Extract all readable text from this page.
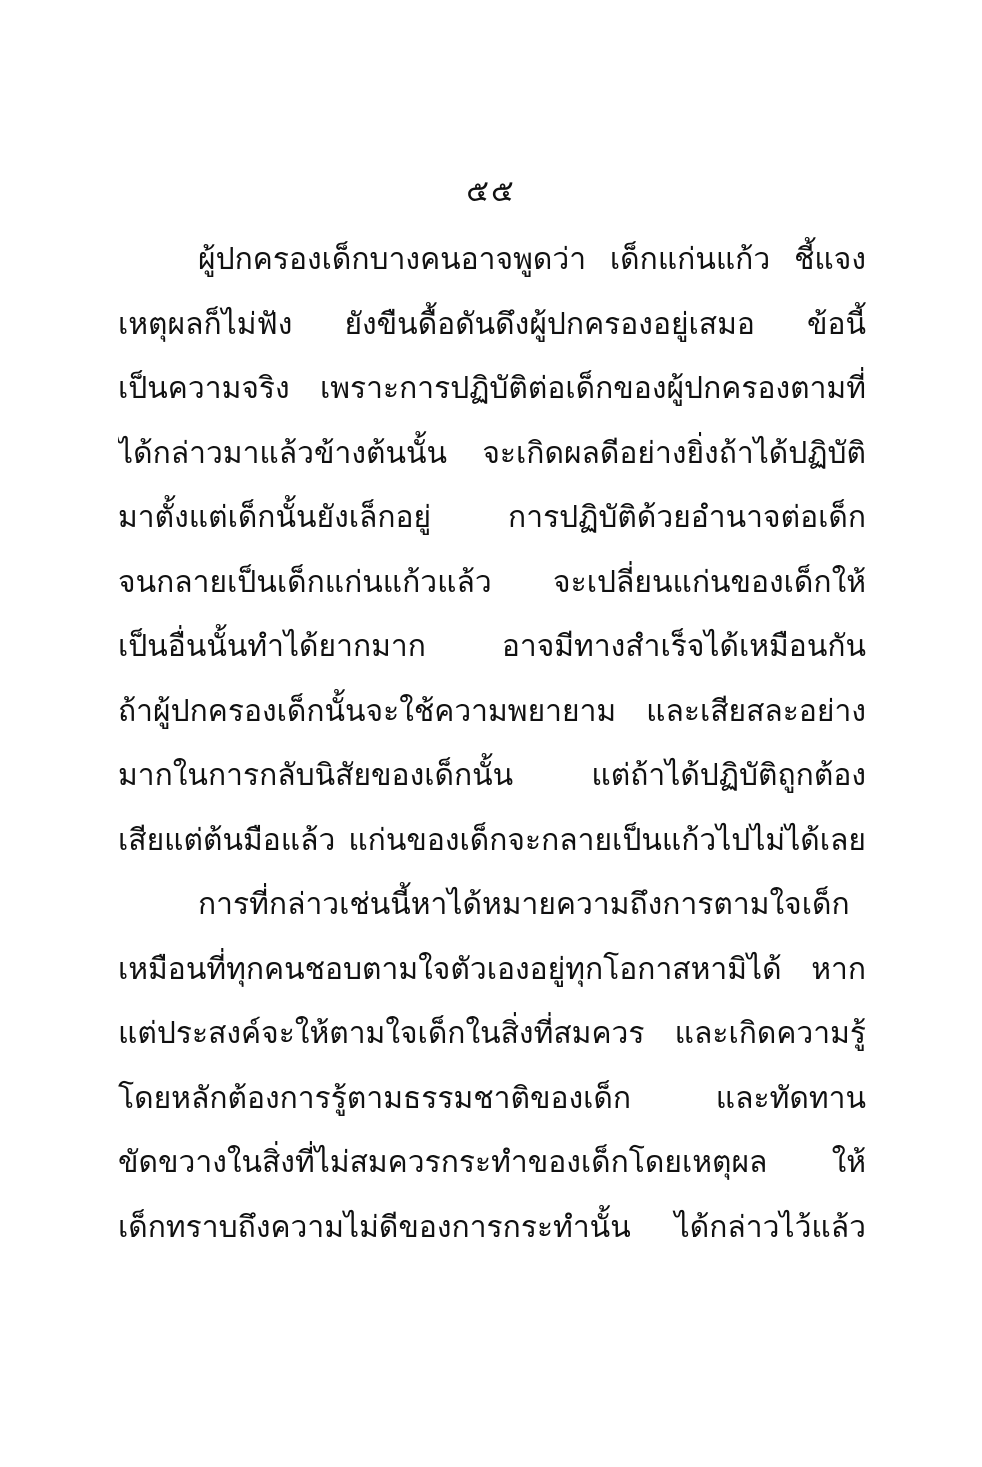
๕๕
ผู้ปกครองเด็กบางคนอาจพูดว่า เด็กแก่นแก้ว ชี้แจง
เหตุผลก็ไม่ฟัง ยังขืนดื้อดันดึงผู้ปกครองอยู่เสมอ ข้อนี้
เป็นความจริง เพราะการปฏิบัติต่อเด็กของผู้ปกครองตามที่
ได้กล่าวมาแล้วข้างต้นนั้น จะเกิดผลดีอย่างยิ่งถ้าได้ปฏิบัติ
มาตั้งแต่เด็กนั้นยังเล็กอยู่ การปฏิบัติด้วยอำนาจต่อเด็ก
จนกลายเป็นเด็กแก่นแก้วแล้ว จะเปลี่ยนแก่นของเด็กให้
เป็นอื่นนั้นทำได้ยากมาก อาจมีทางสำเร็จได้เหมือนกัน
ถ้าผู้ปกครองเด็กนั้นจะใช้ความพยายาม และเสียสละอย่าง
มากในการกลับนิสัยของเด็กนั้น แต่ถ้าได้ปฏิบัติถูกต้อง
เสียแต่ต้นมือแล้ว แก่นของเด็กจะกลายเป็นแก้วไปไม่ได้เลย
การที่กล่าวเช่นนี้หาได้หมายความถึงการตามใจเด็ก
เหมือนที่ทุกคนชอบตามใจตัวเองอยู่ทุกโอกาสหามิได้ หาก
แต่ประสงค์จะให้ตามใจเด็กในสิ่งที่สมควร และเกิดความรู้
โดยหลักต้องการรู้ตามธรรมชาติของเด็ก และทัดทาน
ขัดขวางในสิ่งที่ไม่สมควรกระทำของเด็กโดยเหตุผล ให้
เด็กทราบถึงความไม่ดีของการกระทำนั้น ได้กล่าวไว้แล้ว
